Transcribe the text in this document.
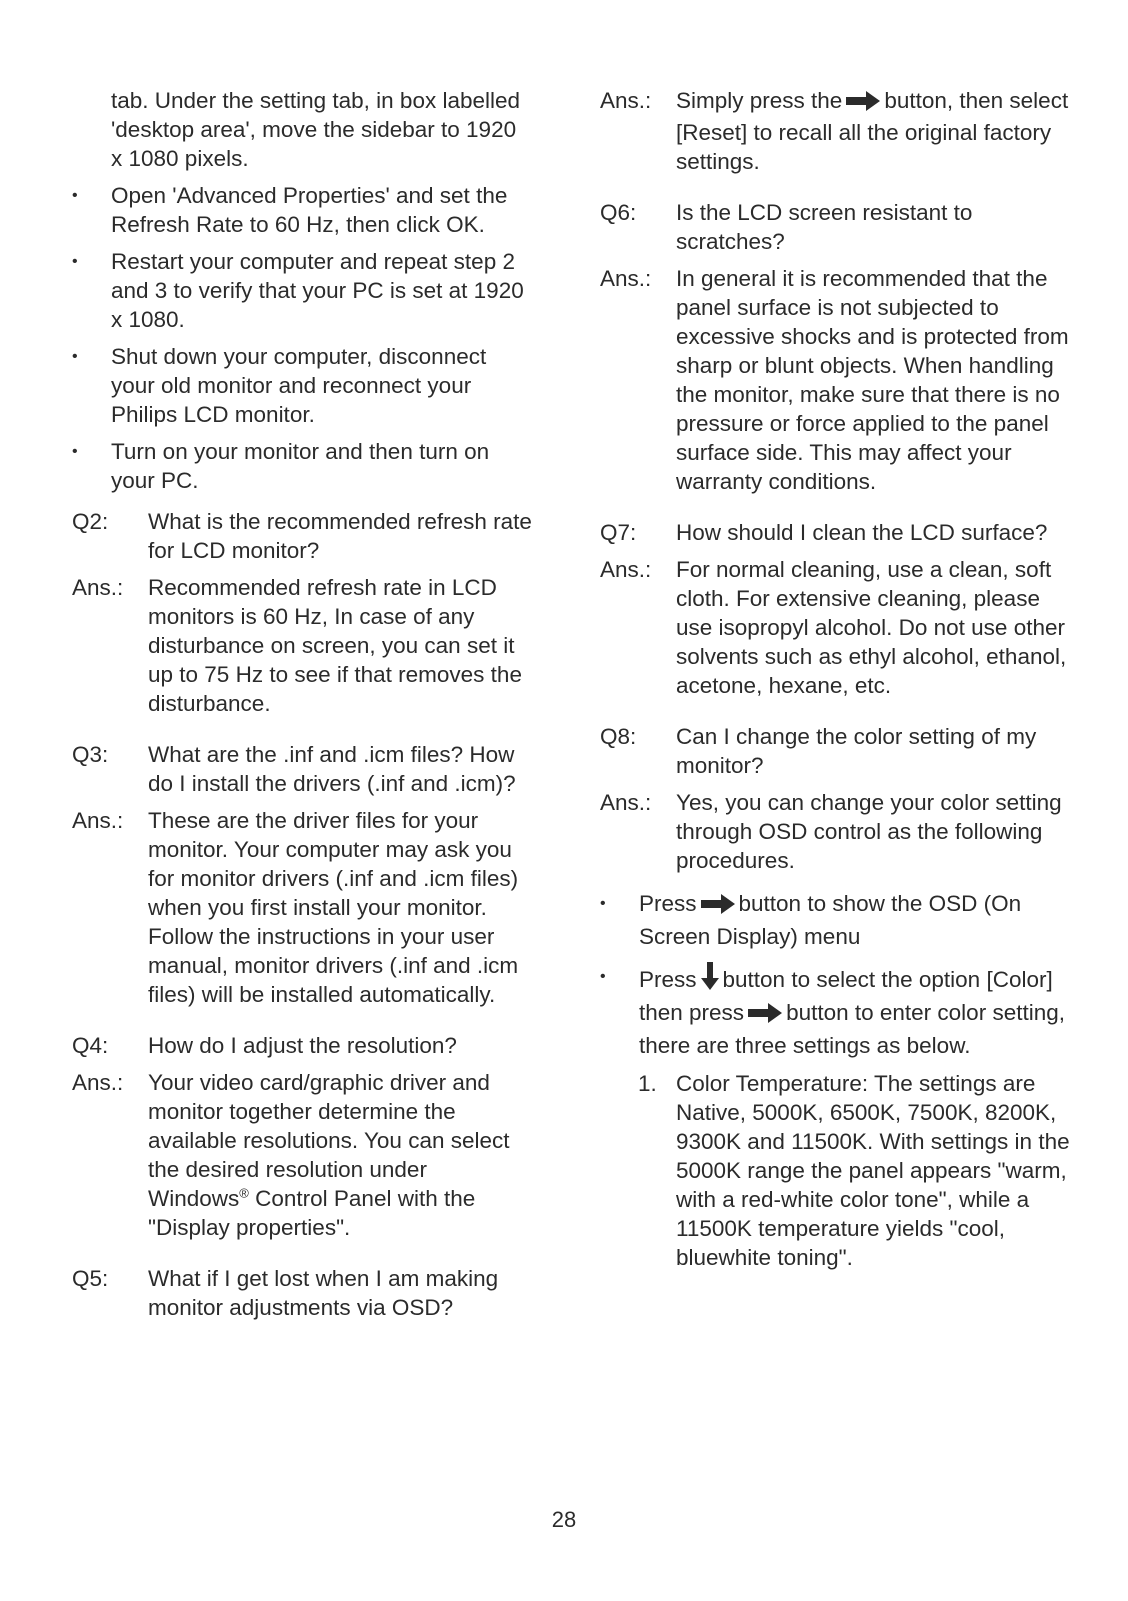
tab. Under the setting tab, in box labelled 'desktop area', move the sidebar to 1920 x 1080 pixels.
•	Open 'Advanced Properties' and set the Refresh Rate to 60 Hz, then click OK.
•	Restart your computer and repeat step 2 and 3 to verify that your PC is set at 1920 x 1080.
•	Shut down your computer, disconnect your old monitor and reconnect your Philips LCD monitor.
•	Turn on your monitor and then turn on your PC.
Q2:	What is the recommended refresh rate for LCD monitor?
Ans.:	Recommended refresh rate in LCD monitors is 60 Hz, In case of any disturbance on screen, you can set it up to 75 Hz to see if that removes the disturbance.
Q3:	What are the .inf and .icm files? How do I install the drivers (.inf and .icm)?
Ans.:	These are the driver files for your monitor. Your computer may ask you for monitor drivers (.inf and .icm files) when you first install your monitor. Follow the instructions in your user manual, monitor drivers (.inf and .icm files) will be installed automatically.
Q4:	How do I adjust the resolution?
Ans.:	Your video card/graphic driver and monitor together determine the available resolutions. You can select the desired resolution under Windows® Control Panel with the "Display properties".
Q5:	What if I get lost when I am making monitor adjustments via OSD?
Ans.:	Simply press the button, then select [Reset] to recall all the original factory settings.
Q6:	Is the LCD screen resistant to scratches?
Ans.:	In general it is recommended that the panel surface is not subjected to excessive shocks and is protected from sharp or blunt objects. When handling the monitor, make sure that there is no pressure or force applied to the panel surface side. This may affect your warranty conditions.
Q7:	How should I clean the LCD surface?
Ans.:	For normal cleaning, use a clean, soft cloth. For extensive cleaning, please use isopropyl alcohol. Do not use other solvents such as ethyl alcohol, ethanol, acetone, hexane, etc.
Q8:	Can I change the color setting of my monitor?
Ans.:	Yes, you can change your color setting through OSD control as the following procedures.
•	Press button to show the OSD (On Screen Display) menu
•	Press button to select the option [Color] then press button to enter color setting, there are three settings as below.
1. Color Temperature: The settings are Native, 5000K, 6500K, 7500K, 8200K, 9300K and 11500K. With settings in the 5000K range the panel appears "warm, with a red-white color tone", while a 11500K temperature yields "cool, bluewhite toning".
28
